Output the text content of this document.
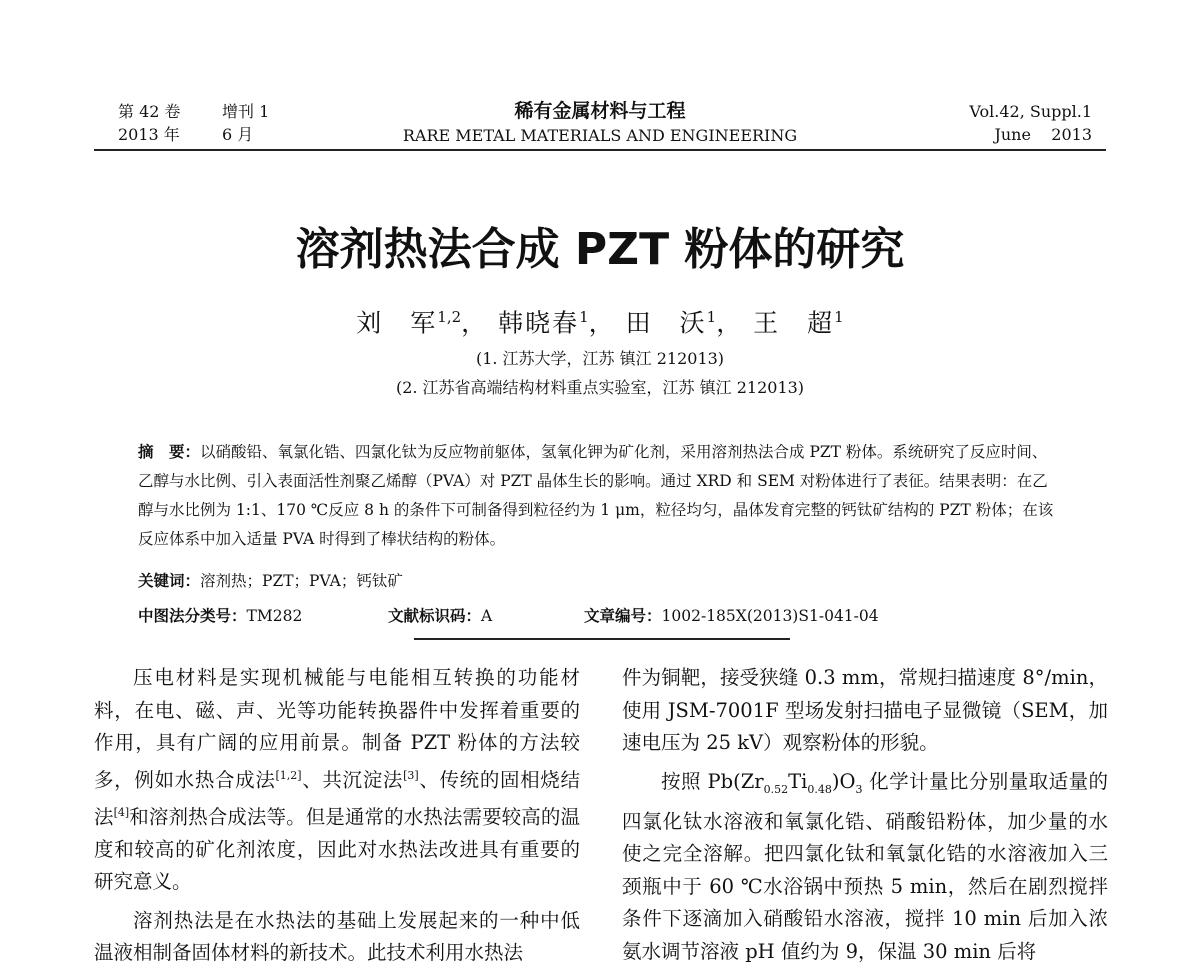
第 42 卷	增刊 1
2013 年	6 月
稀有金属材料与工程
RARE METAL MATERIALS AND ENGINEERING
Vol.42, Suppl.1
June    2013
溶剂热法合成 PZT 粉体的研究
刘　军$^{1,2}$， 韩晓春$^1$， 田　沃$^1$， 王　超$^1$
(1. 江苏大学，江苏 镇江 212013)
(2. 江苏省高端结构材料重点实验室，江苏 镇江 212013)
摘　要：以硝酸铅、氧氯化锆、四氯化钛为反应物前躯体，氢氧化钾为矿化剂，采用溶剂热法合成 PZT 粉体。系统研究了反应时间、乙醇与水比例、引入表面活性剂聚乙烯醇（PVA）对 PZT 晶体生长的影响。通过 XRD 和 SEM 对粉体进行了表征。结果表明：在乙醇与水比例为 1:1、170 ℃反应 8 h 的条件下可制备得到粒径约为 1 μm，粒径均匀，晶体发育完整的钙钛矿结构的 PZT 粉体；在该反应体系中加入适量 PVA 时得到了棒状结构的粉体。
关键词：溶剂热；PZT；PVA；钙钛矿
中图法分类号：TM282	文献标识码：A	文章编号：1002-185X(2013)S1-041-04

压电材料是实现机械能与电能相互转换的功能材料，在电、磁、声、光等功能转换器件中发挥着重要的作用，具有广阔的应用前景。制备 PZT 粉体的方法较多，例如水热合成法[1,2]、共沉淀法[3]、传统的固相烧结法[4]和溶剂热合成法等。但是通常的水热法需要较高的温度和较高的矿化剂浓度，因此对水热法改进具有重要的研究意义。

溶剂热法是在水热法的基础上发展起来的一种中低温液相制备固体材料的新技术。此技术利用水热法

件为铜靶，接受狭缝 0.3 mm，常规扫描速度 8°/min，使用 JSM-7001F 型场发射扫描电子显微镜（SEM，加速电压为 25 kV）观察粉体的形貌。

按照 $Pb(Zr_{0.52}Ti_{0.48})O_3$ 化学计量比分别量取适量的四氯化钛水溶液和氧氯化锆、硝酸铅粉体，加少量的水使之完全溶解。把四氯化钛和氧氯化锆的水溶液加入三颈瓶中于 60 ℃水浴锅中预热 5 min，然后在剧烈搅拌条件下逐滴加入硝酸铅水溶液，搅拌 10 min 后加入浓氨水调节溶液 pH 值约为 9，保温 30 min 后将
